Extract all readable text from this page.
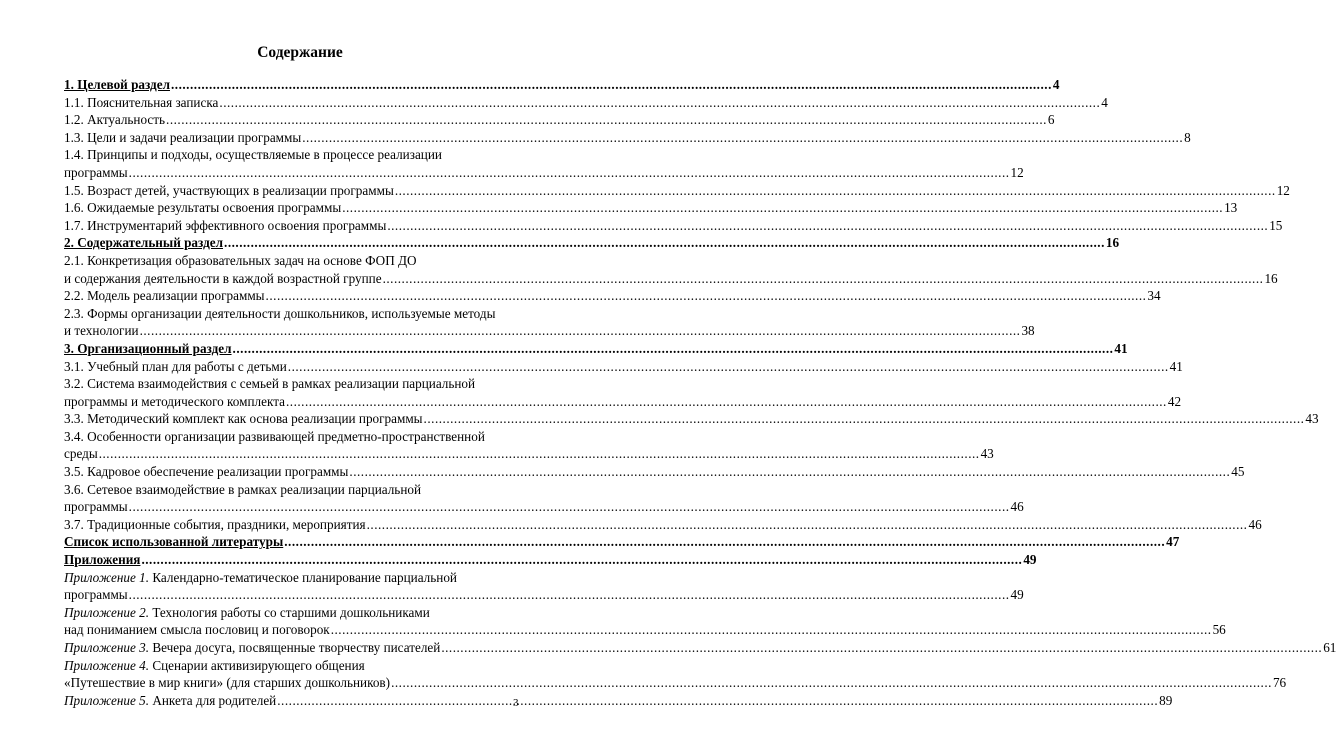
Содержание
1. Целевой раздел .....	4
1.1. Пояснительная записка .....	4
1.2. Актуальность .....	6
1.3. Цели и задачи реализации программы .....	8
1.4. Принципы и подходы, осуществляемые в процессе реализации
программы .....	12
1.5. Возраст детей, участвующих в реализации программы .....	12
1.6. Ожидаемые результаты освоения программы .....	13
1.7. Инструментарий эффективного освоения программы .....	15
2. Содержательный раздел .....	16
2.1. Конкретизация образовательных задач на основе ФОП ДО
и содержания деятельности в каждой возрастной группе .....	16
2.2. Модель реализации программы .....	34
2.3. Формы организации деятельности дошкольников, используемые методы
и технологии .....	38
3. Организационный раздел .....	41
3.1. Учебный план для работы с детьми .....	41
3.2. Система взаимодействия с семьей в рамках реализации парциальной
программы и методического комплекта .....	42
3.3. Методический комплект как основа реализации программы .....	43
3.4. Особенности организации развивающей предметно-пространственной
среды .....	43
3.5. Кадровое обеспечение реализации программы .....	45
3.6. Сетевое взаимодействие в рамках реализации парциальной
программы .....	46
3.7. Традиционные события, праздники, мероприятия .....	46
Список использованной литературы .....	47
Приложения .....	49
Приложение 1. Календарно-тематическое планирование парциальной
программы .....	49
Приложение 2. Технология работы со старшими дошкольниками
над пониманием смысла пословиц и поговорок .....	56
Приложение 3. Вечера досуга, посвященные творчеству писателей .....	61
Приложение 4. Сценарии активизирующего общения
«Путешествие в мир книги» (для старших дошкольников) .....	76
Приложение 5. Анкета для родителей .....	89
3
